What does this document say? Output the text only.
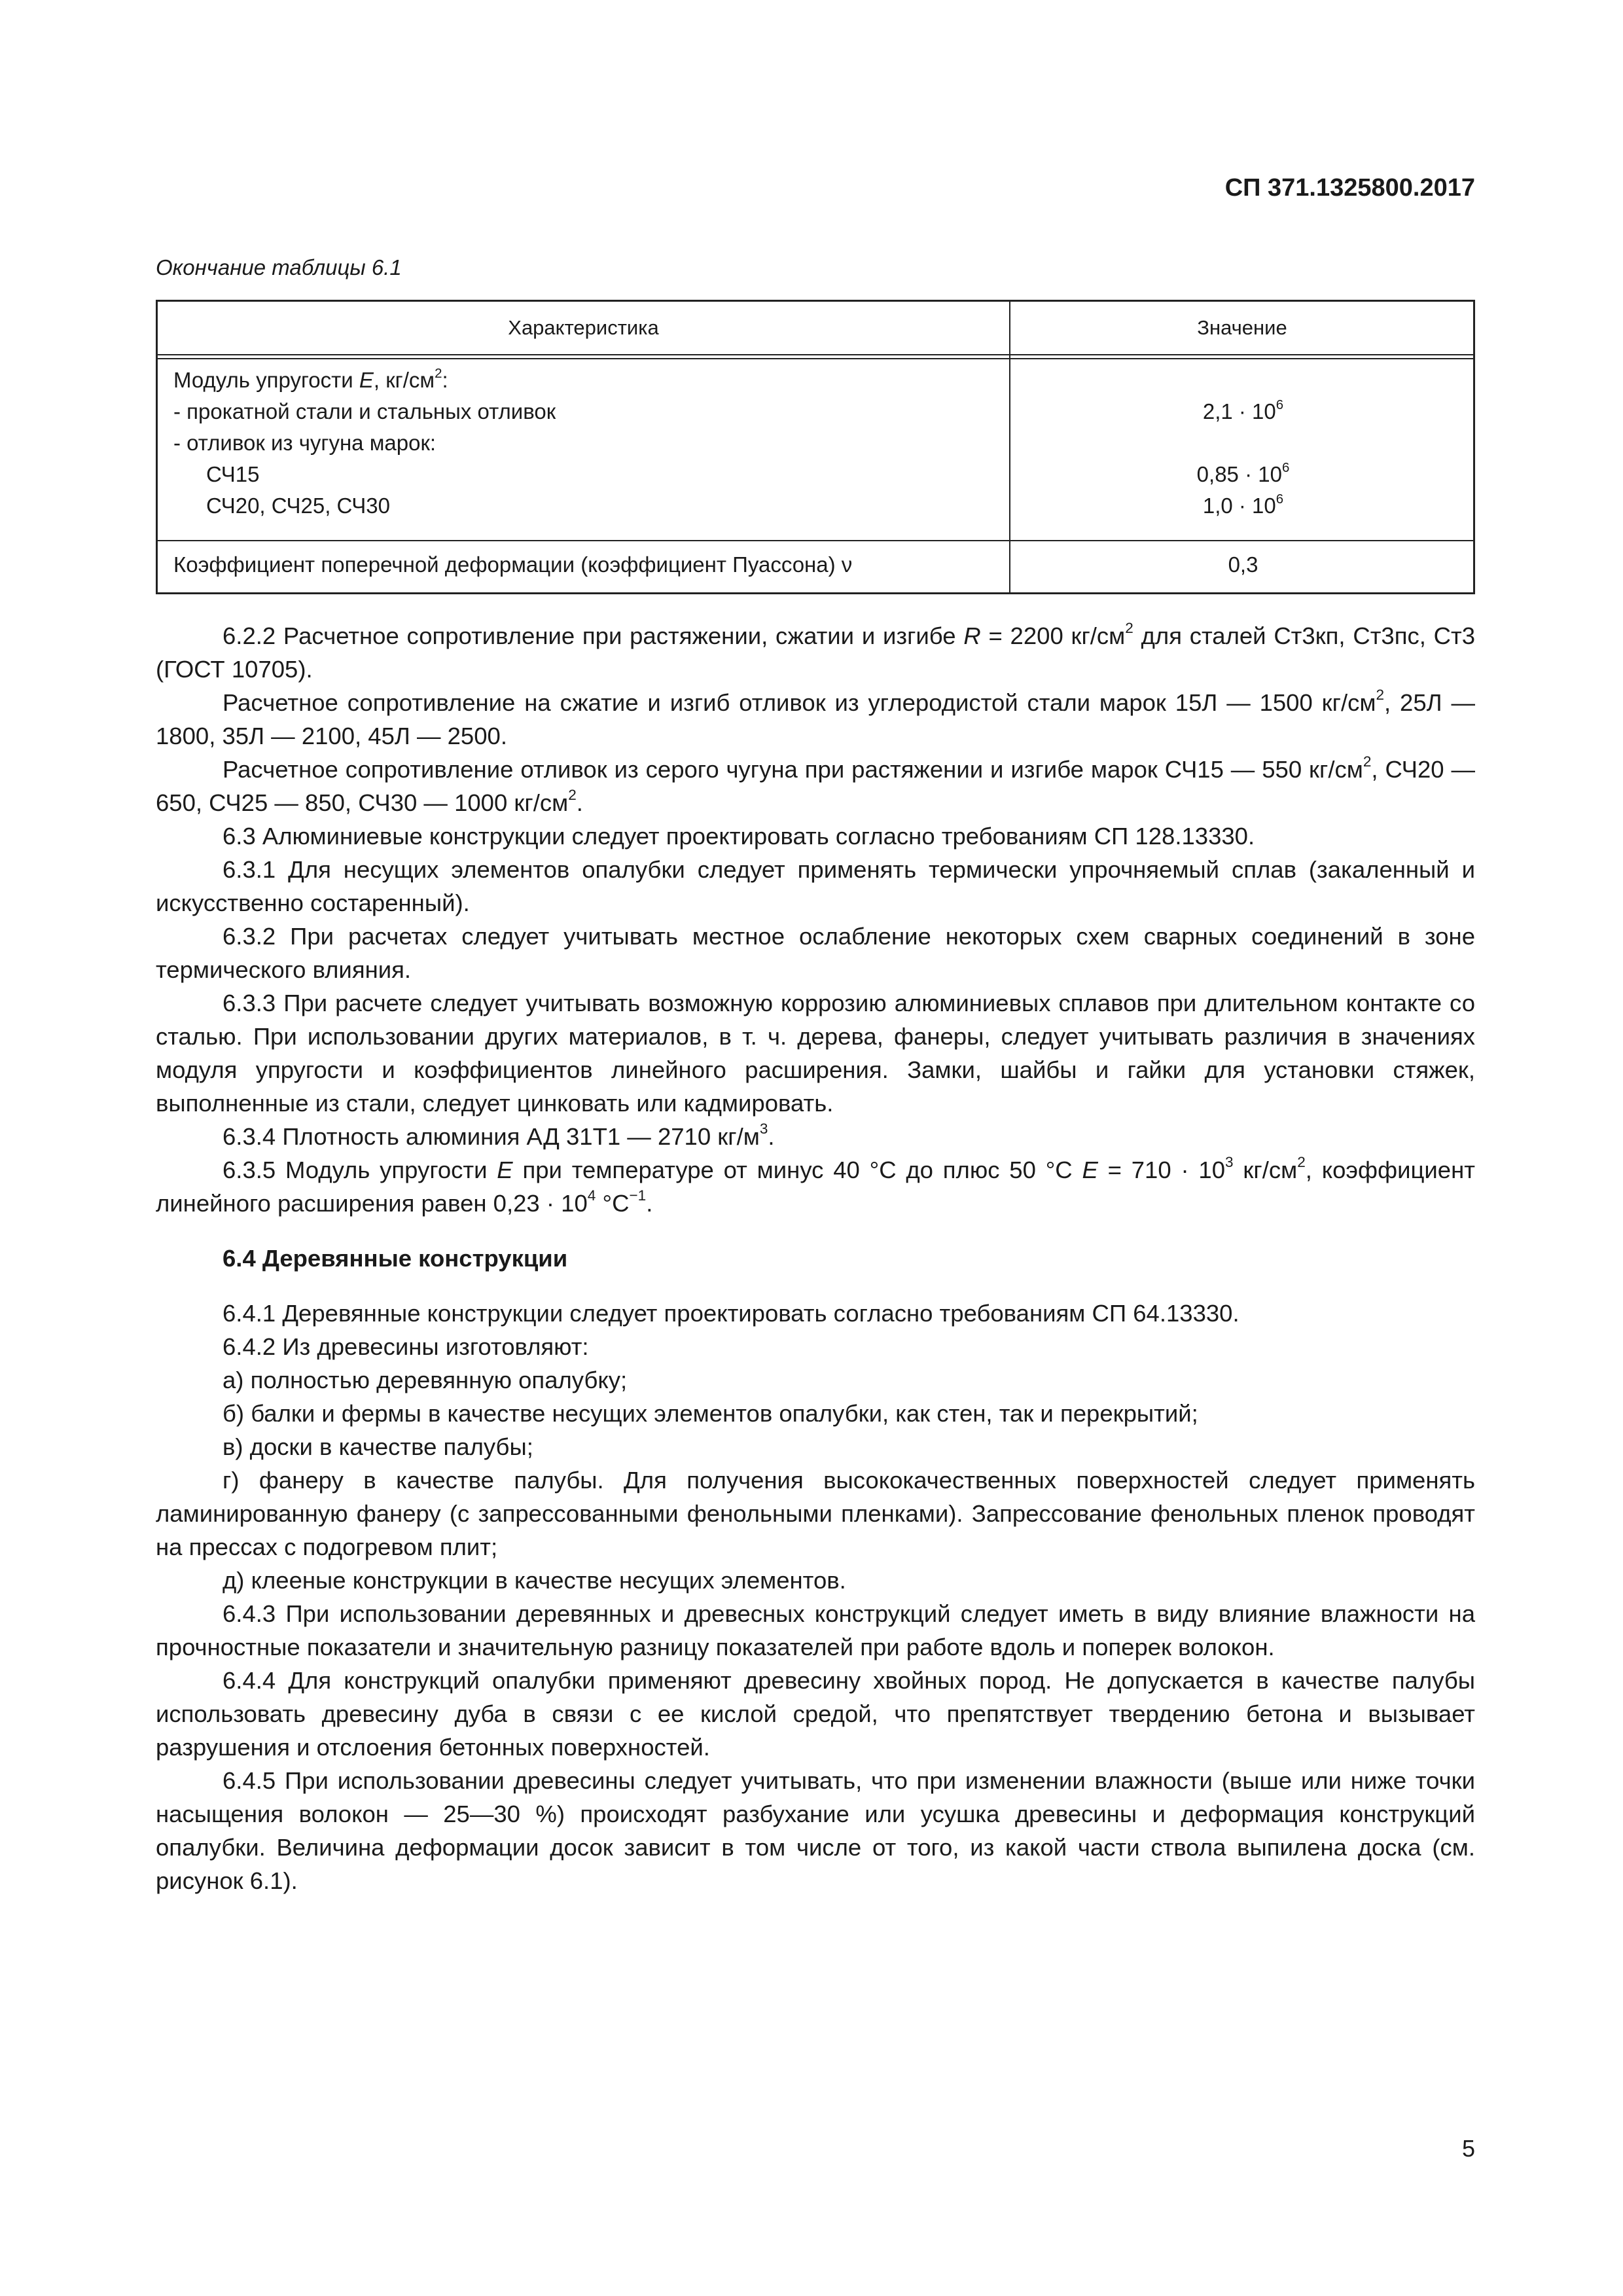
СП 371.1325800.2017
Окончание таблицы 6.1
Характеристика	Значение
Модуль упругости E, $кг/см^2$:
- прокатной стали и стальных отливок
- отливок из чугуна марок:
СЧ15
СЧ20, СЧ25, СЧ30
$2,1 \cdot 10^6$
$0,85 \cdot 10^6$
$1,0 \cdot 10^6$
Коэффициент поперечной деформации (коэффициент Пуассона) ν	0,3

6.2.2 Расчетное сопротивление при растяжении, сжатии и изгибе R = 2200 $кг/см^2$ для сталей Ст3кп, Ст3пс, Ст3 (ГОСТ 10705).

Расчетное сопротивление на сжатие и изгиб отливок из углеродистой стали марок 15Л — 1500 $кг/см^2$, 25Л — 1800, 35Л — 2100, 45Л — 2500.

Расчетное сопротивление отливок из серого чугуна при растяжении и изгибе марок СЧ15 — 550 $кг/см^2$, СЧ20 — 650, СЧ25 — 850, СЧ30 — 1000 $кг/см^2$.

6.3 Алюминиевые конструкции следует проектировать согласно требованиям СП 128.13330.

6.3.1 Для несущих элементов опалубки следует применять термически упрочняемый сплав (закаленный и искусственно состаренный).

6.3.2 При расчетах следует учитывать местное ослабление некоторых схем сварных соединений в зоне термического влияния.

6.3.3 При расчете следует учитывать возможную коррозию алюминиевых сплавов при длительном контакте со сталью. При использовании других материалов, в т. ч. дерева, фанеры, следует учитывать различия в значениях модуля упругости и коэффициентов линейного расширения. Замки, шайбы и гайки для установки стяжек, выполненные из стали, следует цинковать или кадмировать.

6.3.4 Плотность алюминия АД 31Т1 — 2710 $кг/м^3$.

6.3.5 Модуль упругости E при температуре от минус 40 °С до плюс 50 °С $E = 710 \cdot 10^3$ $кг/см^2$, коэффициент линейного расширения равен $0,23 \cdot 10^4$ $^\circ С^{-1}$.

6.4 Деревянные конструкции

6.4.1 Деревянные конструкции следует проектировать согласно требованиям СП 64.13330.

6.4.2 Из древесины изготовляют:

а) полностью деревянную опалубку;

б) балки и фермы в качестве несущих элементов опалубки, как стен, так и перекрытий;

в) доски в качестве палубы;

г) фанеру в качестве палубы. Для получения высококачественных поверхностей следует применять ламинированную фанеру (с запрессованными фенольными пленками). Запрессование фенольных пленок проводят на прессах с подогревом плит;

д) клееные конструкции в качестве несущих элементов.

6.4.3 При использовании деревянных и древесных конструкций следует иметь в виду влияние влажности на прочностные показатели и значительную разницу показателей при работе вдоль и поперек волокон.

6.4.4 Для конструкций опалубки применяют древесину хвойных пород. Не допускается в качестве палубы использовать древесину дуба в связи с ее кислой средой, что препятствует твердению бетона и вызывает разрушения и отслоения бетонных поверхностей.

6.4.5 При использовании древесины следует учитывать, что при изменении влажности (выше или ниже точки насыщения волокон — 25—30 %) происходят разбухание или усушка древесины и деформация конструкций опалубки. Величина деформации досок зависит в том числе от того, из какой части ствола выпилена доска (см. рисунок 6.1).

5
